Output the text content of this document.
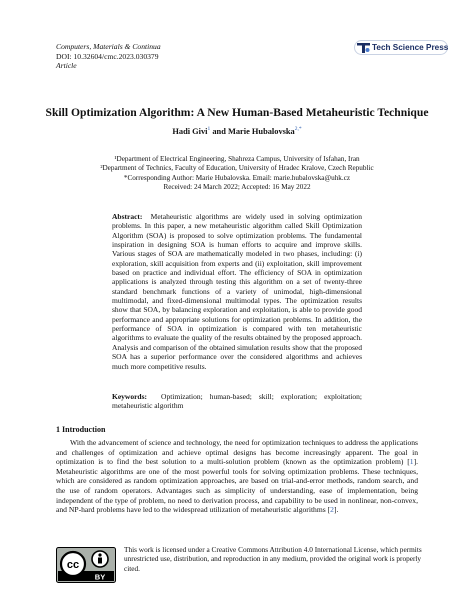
Computers, Materials & Continua
DOI: 10.32604/cmc.2023.030379
Article
Tech Science Press
Skill Optimization Algorithm: A New Human-Based Metaheuristic Technique
Hadi Givi$^1$ and Marie Hubalovska$^{2,*}$
¹Department of Electrical Engineering, Shahreza Campus, University of Isfahan, Iran
²Department of Technics, Faculty of Education, University of Hradec Kralove, Czech Republic
*Corresponding Author: Marie Hubalovska. Email: marie.hubalovska@uhk.cz
Received: 24 March 2022; Accepted: 16 May 2022
Abstract: Metaheuristic algorithms are widely used in solving optimization problems. In this paper, a new metaheuristic algorithm called Skill Optimization Algorithm (SOA) is proposed to solve optimization problems. The fundamental inspiration in designing SOA is human efforts to acquire and improve skills. Various stages of SOA are mathematically modeled in two phases, including: (i) exploration, skill acquisition from experts and (ii) exploitation, skill improvement based on practice and individual effort. The efficiency of SOA in optimization applications is analyzed through testing this algorithm on a set of twenty-three standard benchmark functions of a variety of unimodal, high-dimensional multimodal, and fixed-dimensional multimodal types. The optimization results show that SOA, by balancing exploration and exploitation, is able to provide good performance and appropriate solutions for optimization problems. In addition, the performance of SOA in optimization is compared with ten metaheuristic algorithms to evaluate the quality of the results obtained by the proposed approach. Analysis and comparison of the obtained simulation results show that the proposed SOA has a superior performance over the considered algorithms and achieves much more competitive results.
Keywords: Optimization; human-based; skill; exploration; exploitation; metaheuristic algorithm
1 Introduction
With the advancement of science and technology, the need for optimization techniques to address the applications and challenges of optimization and achieve optimal designs has become increasingly apparent. The goal in optimization is to find the best solution to a multi-solution problem (known as the optimization problem) [1]. Metaheuristic algorithms are one of the most powerful tools for solving optimization problems. These techniques, which are considered as random optimization approaches, are based on trial-and-error methods, random search, and the use of random operators. Advantages such as simplicity of understanding, ease of implementation, being independent of the type of problem, no need to derivation process, and capability to be used in nonlinear, non-convex, and NP-hard problems have led to the widespread utilization of metaheuristic algorithms [2].
cc
BY
This work is licensed under a Creative Commons Attribution 4.0 International License, which permits unrestricted use, distribution, and reproduction in any medium, provided the original work is properly cited.
